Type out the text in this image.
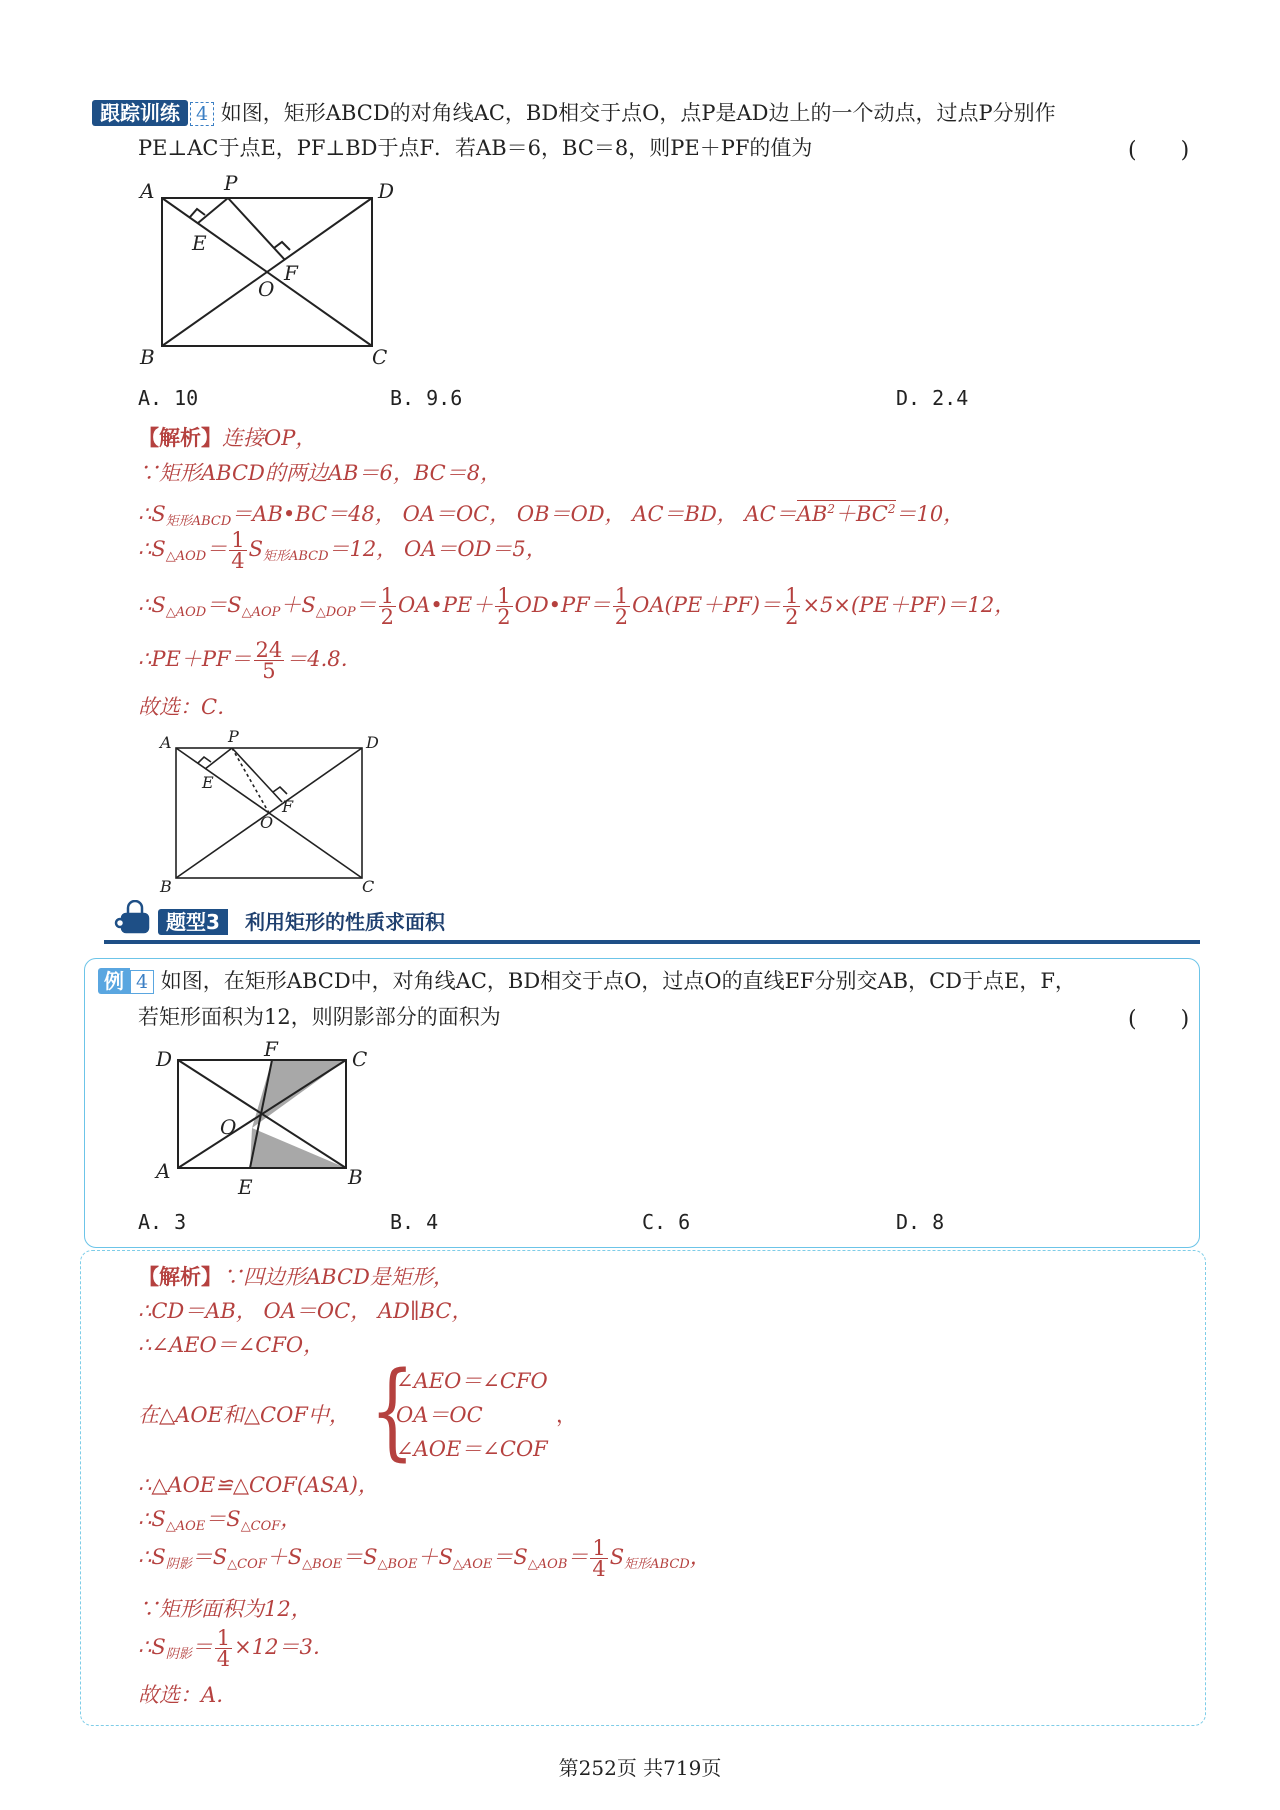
跟踪训练 4 如图，矩形ABCD的对角线AC，BD相交于点O，点P是AD边上的一个动点，过点P分别作
PE⊥AC于点E，PF⊥BD于点F．若AB＝6，BC＝8，则PE＋PF的值为	(　　)
A	P	D
E
O
F
B	C
A. 10	B. 9.6	D. 2.4
【解析】连接OP，
∵矩形ABCD的两边AB＝6，BC＝8，
$\therefore S_{矩形ABCD}=AB•BC=48$， OA＝OC， OB＝OD， AC＝BD， $AC=AB^2+BC^2=10$，
$\therefore S_{\triangle AOD}= \frac{1}{4} S_{矩形ABCD}=12$， OA＝OD＝5，
$\therefore S_{\triangle AOD}=S_{\triangle AOP}+S_{\triangle DOP}= \frac{1}{2}$ OA•PE＋ $\frac{1}{2}$ OD•PF＝ $\frac{1}{2} OA(PE+PF)= \frac{1}{2} \times 5\times(PE+PF)=12$，
∴PE＋PF＝ $\frac{24}{5} =4.8$．
故选：C．
A	P	D
E
O
F
B	C
题型3 利用矩形的性质求面积
例 4 如图，在矩形ABCD中，对角线AC，BD相交于点O，过点O的直线EF分别交AB，CD于点E，F，
若矩形面积为12，则阴影部分的面积为	(　　)
D	F	C
O
A
E	B
A. 3	B. 4	C. 6	D. 8
【解析】∵四边形ABCD是矩形，
∴CD＝AB， OA＝OC， AD∥BC，
∴∠AEO＝∠CFO，
在△AOE和△COF中， {
∠AEO＝∠CFO
OA＝OC
∠AOE＝∠COF
，
∴△AOE≌△COF(ASA)，
$\therefore S_{\triangle AOE}=S_{\triangle COF}$，
$\therefore S_{阴影}=S_{\triangle COF}+S_{\triangle BOE}=S_{\triangle BOE}+S_{\triangle AOE}=S_{\triangle AOB}= \frac{1}{4} S_{矩形ABCD}$，
∵矩形面积为12，
$\therefore S_{阴影}= \frac{1}{4} \times 12=3$．
故选：A．
第252页 共719页
